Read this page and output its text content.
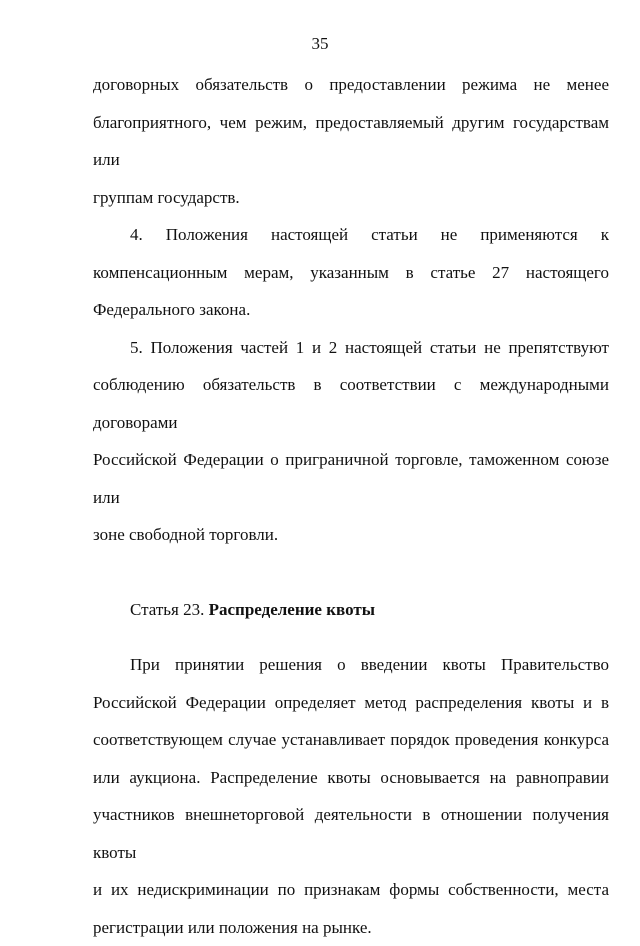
35

договорных обязательств о предоставлении режима не менее

благоприятного, чем режим, предоставляемый другим государствам или

группам государств.

4. Положения настоящей статьи не применяются к

компенсационным мерам, указанным в статье 27 настоящего

Федерального закона.

5. Положения частей 1 и 2 настоящей статьи не препятствуют

соблюдению обязательств в соответствии с международными договорами

Российской Федерации о приграничной торговле, таможенном союзе или

зоне свободной торговли.

Статья 23. Распределение квоты

При принятии решения о введении квоты Правительство

Российской Федерации определяет метод распределения квоты и в

соответствующем случае устанавливает порядок проведения конкурса

или аукциона. Распределение квоты основывается на равноправии

участников внешнеторговой деятельности в отношении получения квоты

и их недискриминации по признакам формы собственности, места

регистрации или положения на рынке.
